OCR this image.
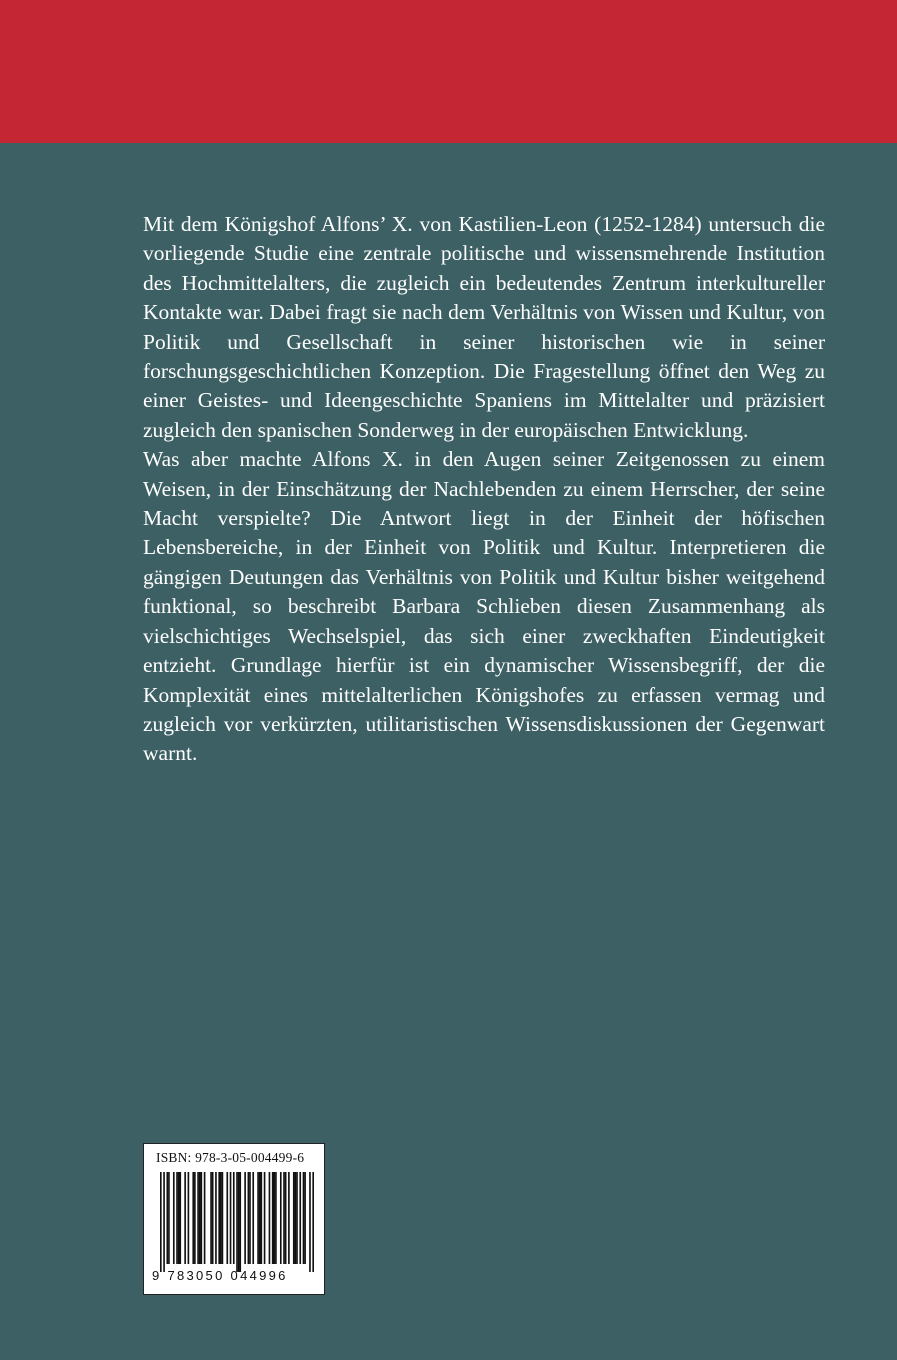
Mit dem Königshof Alfons’ X. von Kastilien-Leon (1252-1284) untersuch die vorliegende Studie eine zentrale politische und wissensmehrende Institution des Hochmittelalters, die zugleich ein bedeutendes Zentrum interkultureller Kontakte war. Dabei fragt sie nach dem Verhältnis von Wissen und Kultur, von Politik und Gesellschaft in seiner historischen wie in seiner forschungsgeschichtlichen Konzeption. Die Fragestellung öffnet den Weg zu einer Geistes- und Ideengeschichte Spaniens im Mittelalter und präzisiert zugleich den spanischen Sonderweg in der europäischen Entwicklung.

Was aber machte Alfons X. in den Augen seiner Zeitgenossen zu einem Weisen, in der Einschätzung der Nachlebenden zu einem Herrscher, der seine Macht verspielte? Die Antwort liegt in der Einheit der höfischen Lebensbereiche, in der Einheit von Politik und Kultur. Interpretieren die gängigen Deutungen das Verhältnis von Politik und Kultur bisher weitgehend funktional, so beschreibt Barbara Schlieben diesen Zusammenhang als vielschichtiges Wechselspiel, das sich einer zweckhaften Eindeutigkeit entzieht. Grundlage hierfür ist ein dynamischer Wissensbegriff, der die Komplexität eines mittelalterlichen Königshofes zu erfassen vermag und zugleich vor verkürzten, utilitaristischen Wissensdiskussionen der Gegenwart warnt.

ISBN: 978-3-05-004499-6
9 783050 044996
